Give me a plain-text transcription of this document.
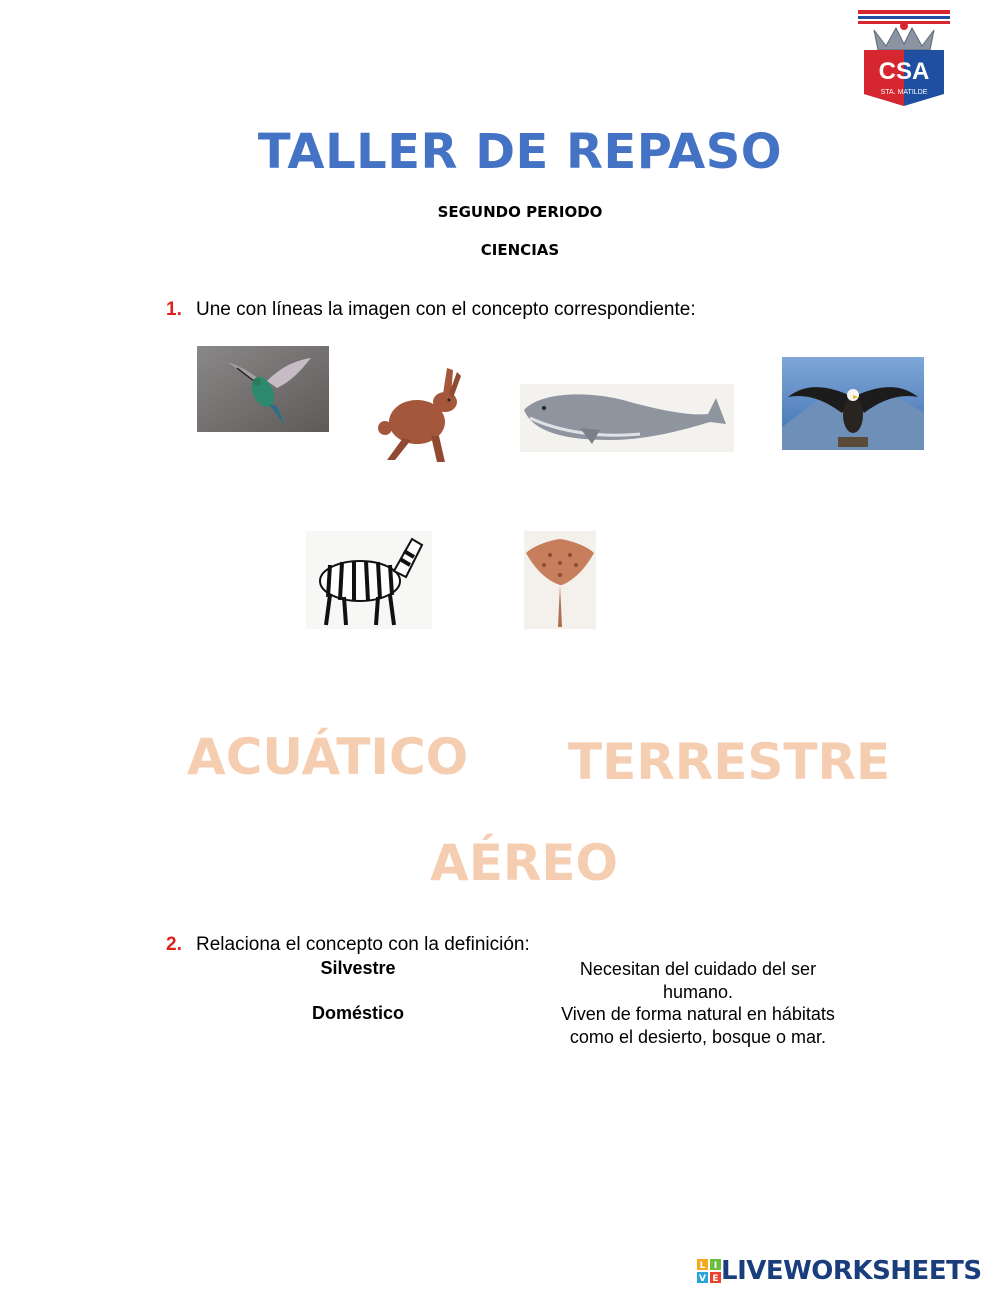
CSA
STA. MATILDE
TALLER DE REPASO
SEGUNDO PERIODO
CIENCIAS
1. Une con líneas la imagen con el concepto correspondiente:
ACUÁTICO TERRESTRE
AÉREO
2. Relaciona el concepto con la definición:
Silvestre
Doméstico
Necesitan del cuidado del ser
humano.
Viven de forma natural en hábitats
como el desierto, bosque o mar.
L I
V E LIVEWORKSHEETS
